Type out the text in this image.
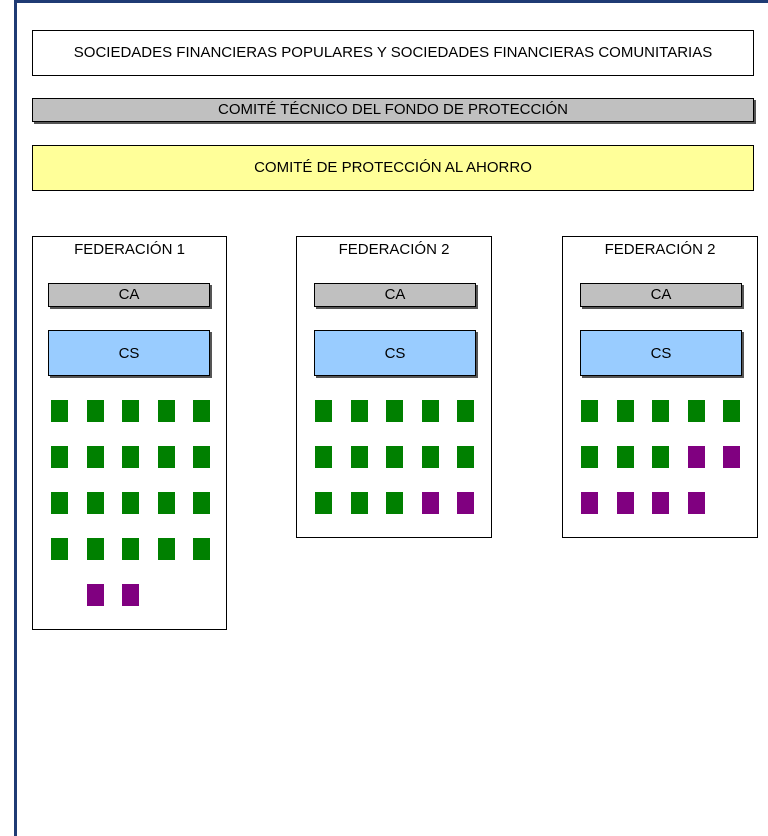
SOCIEDADES FINANCIERAS POPULARES Y SOCIEDADES FINANCIERAS COMUNITARIAS
COMITÉ TÉCNICO DEL FONDO DE PROTECCIÓN
COMITÉ DE PROTECCIÓN AL AHORRO
FEDERACIÓN 1
CA
CS
FEDERACIÓN 2
CA
CS
FEDERACIÓN 2
CA
CS
